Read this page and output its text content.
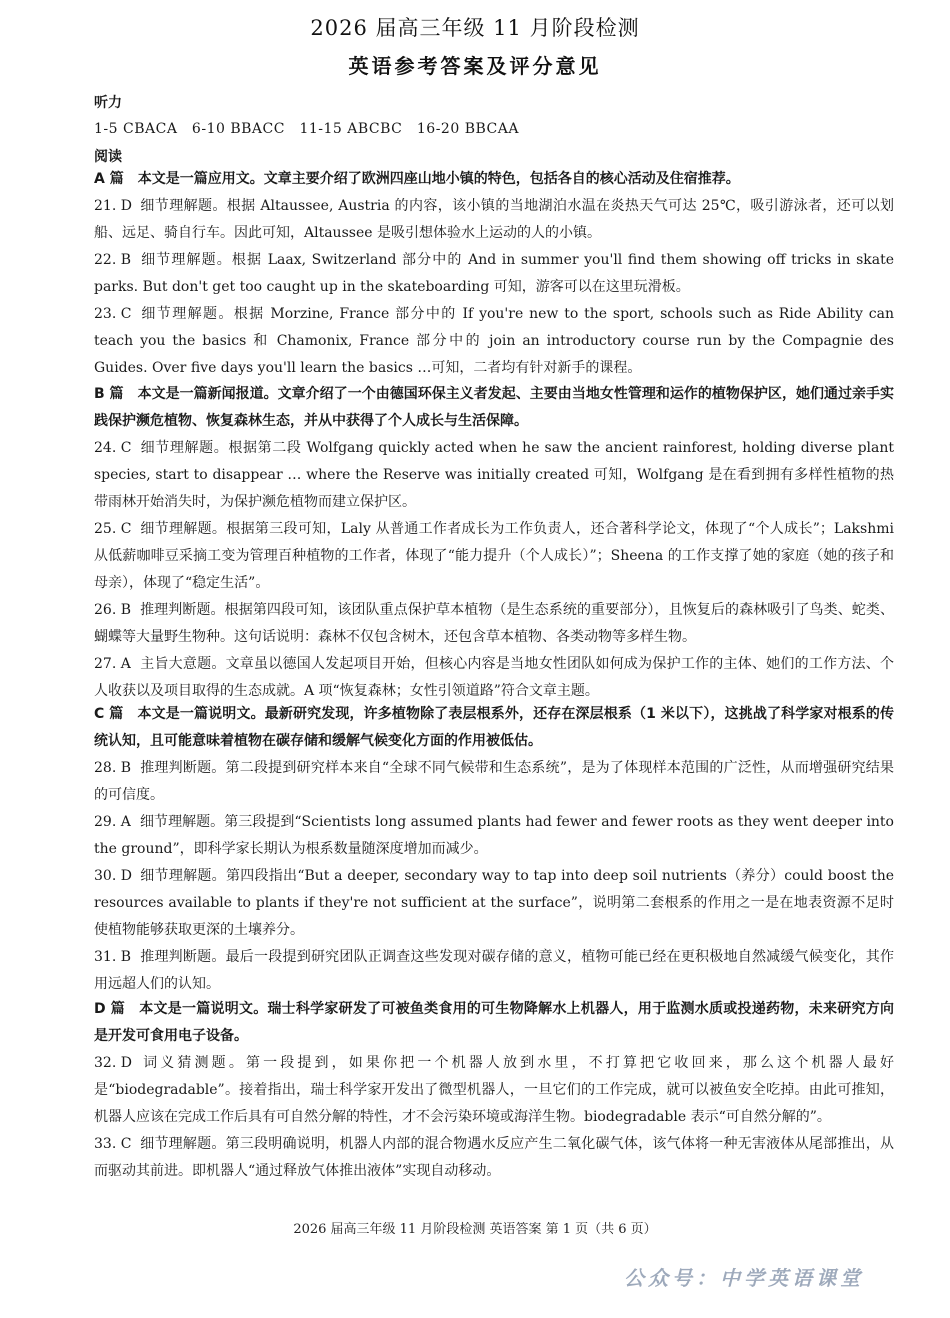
2026 届高三年级 11 月阶段检测
英语参考答案及评分意见
听力
1-5 CBACA　6-10 BBACC　11-15 ABCBC　16-20 BBCAA
阅读
A 篇　本文是一篇应用文。文章主要介绍了欧洲四座山地小镇的特色，包括各自的核心活动及住宿推荐。
21. D 细节理解题。根据 Altaussee, Austria 的内容，该小镇的当地湖泊水温在炎热天气可达 25℃，吸引游泳者，还可以划船、远足、骑自行车。因此可知，Altaussee 是吸引想体验水上运动的人的小镇。
22. B 细节理解题。根据 Laax, Switzerland 部分中的 And in summer you'll find them showing off tricks in skate parks. But don't get too caught up in the skateboarding 可知，游客可以在这里玩滑板。
23. C 细节理解题。根据 Morzine, France 部分中的 If you're new to the sport, schools such as Ride Ability can teach you the basics 和 Chamonix, France 部分中的 join an introductory course run by the Compagnie des Guides. Over five days you'll learn the basics …可知，二者均有针对新手的课程。
B 篇　本文是一篇新闻报道。文章介绍了一个由德国环保主义者发起、主要由当地女性管理和运作的植物保护区，她们通过亲手实践保护濒危植物、恢复森林生态，并从中获得了个人成长与生活保障。
24. C 细节理解题。根据第二段 Wolfgang quickly acted when he saw the ancient rainforest, holding diverse plant species, start to disappear … where the Reserve was initially created 可知，Wolfgang 是在看到拥有多样性植物的热带雨林开始消失时，为保护濒危植物而建立保护区。
25. C 细节理解题。根据第三段可知，Laly 从普通工作者成长为工作负责人，还合著科学论文，体现了“个人成长”；Lakshmi 从低薪咖啡豆采摘工变为管理百种植物的工作者，体现了“能力提升（个人成长）”；Sheena 的工作支撑了她的家庭（她的孩子和母亲），体现了“稳定生活”。
26. B 推理判断题。根据第四段可知，该团队重点保护草本植物（是生态系统的重要部分），且恢复后的森林吸引了鸟类、蛇类、蝴蝶等大量野生物种。这句话说明：森林不仅包含树木，还包含草本植物、各类动物等多样生物。
27. A 主旨大意题。文章虽以德国人发起项目开始，但核心内容是当地女性团队如何成为保护工作的主体、她们的工作方法、个人收获以及项目取得的生态成就。A 项“恢复森林；女性引领道路”符合文章主题。
C 篇　本文是一篇说明文。最新研究发现，许多植物除了表层根系外，还存在深层根系（1 米以下），这挑战了科学家对根系的传统认知，且可能意味着植物在碳存储和缓解气候变化方面的作用被低估。
28. B 推理判断题。第二段提到研究样本来自“全球不同气候带和生态系统”，是为了体现样本范围的广泛性，从而增强研究结果的可信度。
29. A 细节理解题。第三段提到“Scientists long assumed plants had fewer and fewer roots as they went deeper into the ground”，即科学家长期认为根系数量随深度增加而减少。
30. D 细节理解题。第四段指出“But a deeper, secondary way to tap into deep soil nutrients（养分）could boost the resources available to plants if they're not sufficient at the surface”，说明第二套根系的作用之一是在地表资源不足时使植物能够获取更深的土壤养分。
31. B 推理判断题。最后一段提到研究团队正调查这些发现对碳存储的意义，植物可能已经在更积极地自然减缓气候变化，其作用远超人们的认知。
D 篇　本文是一篇说明文。瑞士科学家研发了可被鱼类食用的可生物降解水上机器人，用于监测水质或投递药物，未来研究方向是开发可食用电子设备。
32. D 词义猜测题。第一段提到，如果你把一个机器人放到水里，不打算把它收回来，那么这个机器人最好是“biodegradable”。接着指出，瑞士科学家开发出了微型机器人，一旦它们的工作完成，就可以被鱼安全吃掉。由此可推知，机器人应该在完成工作后具有可自然分解的特性，才不会污染环境或海洋生物。biodegradable 表示“可自然分解的”。
33. C 细节理解题。第三段明确说明，机器人内部的混合物遇水反应产生二氧化碳气体，该气体将一种无害液体从尾部推出，从而驱动其前进。即机器人“通过释放气体推出液体”实现自动移动。
2026 届高三年级 11 月阶段检测 英语答案 第 1 页（共 6 页）
公众号：中学英语课堂
